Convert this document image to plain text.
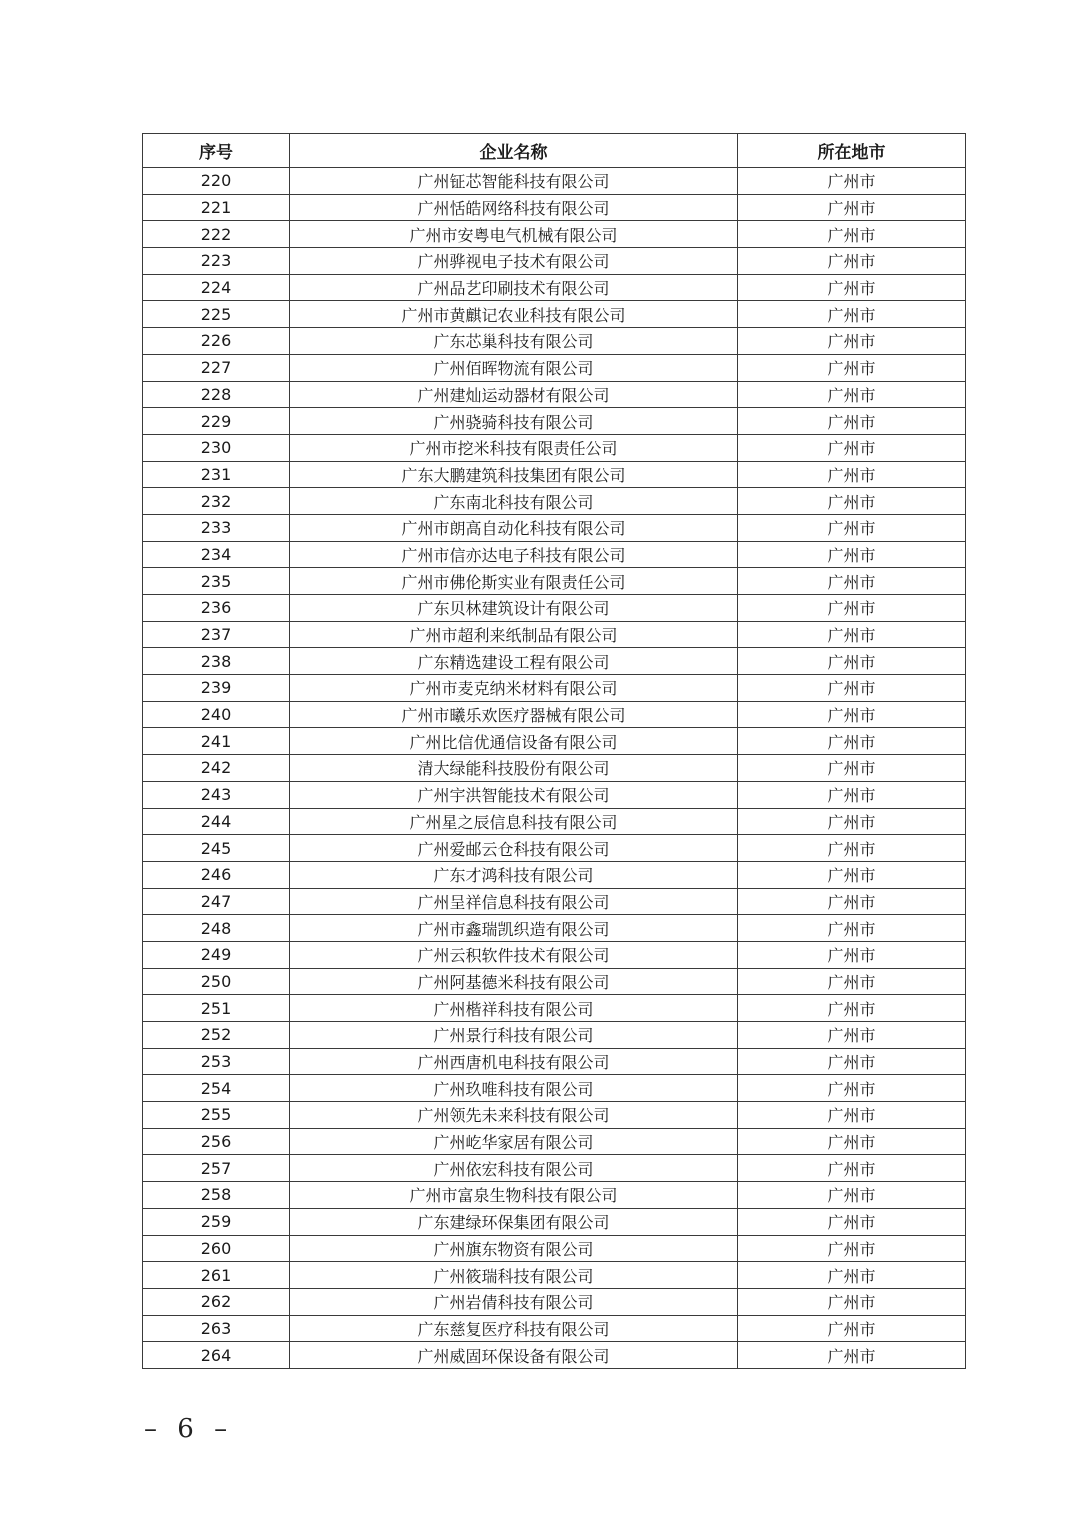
序号	企业名称	所在地市
220	广州钲芯智能科技有限公司	广州市
221	广州恬皓网络科技有限公司	广州市
222	广州市安粤电气机械有限公司	广州市
223	广州骅视电子技术有限公司	广州市
224	广州品艺印刷技术有限公司	广州市
225	广州市黄麒记农业科技有限公司	广州市
226	广东芯巢科技有限公司	广州市
227	广州佰晖物流有限公司	广州市
228	广州建灿运动器材有限公司	广州市
229	广州骁骑科技有限公司	广州市
230	广州市挖米科技有限责任公司	广州市
231	广东大鹏建筑科技集团有限公司	广州市
232	广东南北科技有限公司	广州市
233	广州市朗高自动化科技有限公司	广州市
234	广州市信亦达电子科技有限公司	广州市
235	广州市佛伦斯实业有限责任公司	广州市
236	广东贝林建筑设计有限公司	广州市
237	广州市超利来纸制品有限公司	广州市
238	广东精选建设工程有限公司	广州市
239	广州市麦克纳米材料有限公司	广州市
240	广州市曦乐欢医疗器械有限公司	广州市
241	广州比信优通信设备有限公司	广州市
242	清大绿能科技股份有限公司	广州市
243	广州宇洪智能技术有限公司	广州市
244	广州星之辰信息科技有限公司	广州市
245	广州爱邮云仓科技有限公司	广州市
246	广东才鸿科技有限公司	广州市
247	广州呈祥信息科技有限公司	广州市
248	广州市鑫瑞凯织造有限公司	广州市
249	广州云积软件技术有限公司	广州市
250	广州阿基德米科技有限公司	广州市
251	广州楷祥科技有限公司	广州市
252	广州景行科技有限公司	广州市
253	广州西唐机电科技有限公司	广州市
254	广州玖唯科技有限公司	广州市
255	广州领先未来科技有限公司	广州市
256	广州屹华家居有限公司	广州市
257	广州依宏科技有限公司	广州市
258	广州市富泉生物科技有限公司	广州市
259	广东建绿环保集团有限公司	广州市
260	广州旗东物资有限公司	广州市
261	广州筱瑞科技有限公司	广州市
262	广州岩倩科技有限公司	广州市
263	广东慈复医疗科技有限公司	广州市
264	广州威固环保设备有限公司	广州市
– 6 –
